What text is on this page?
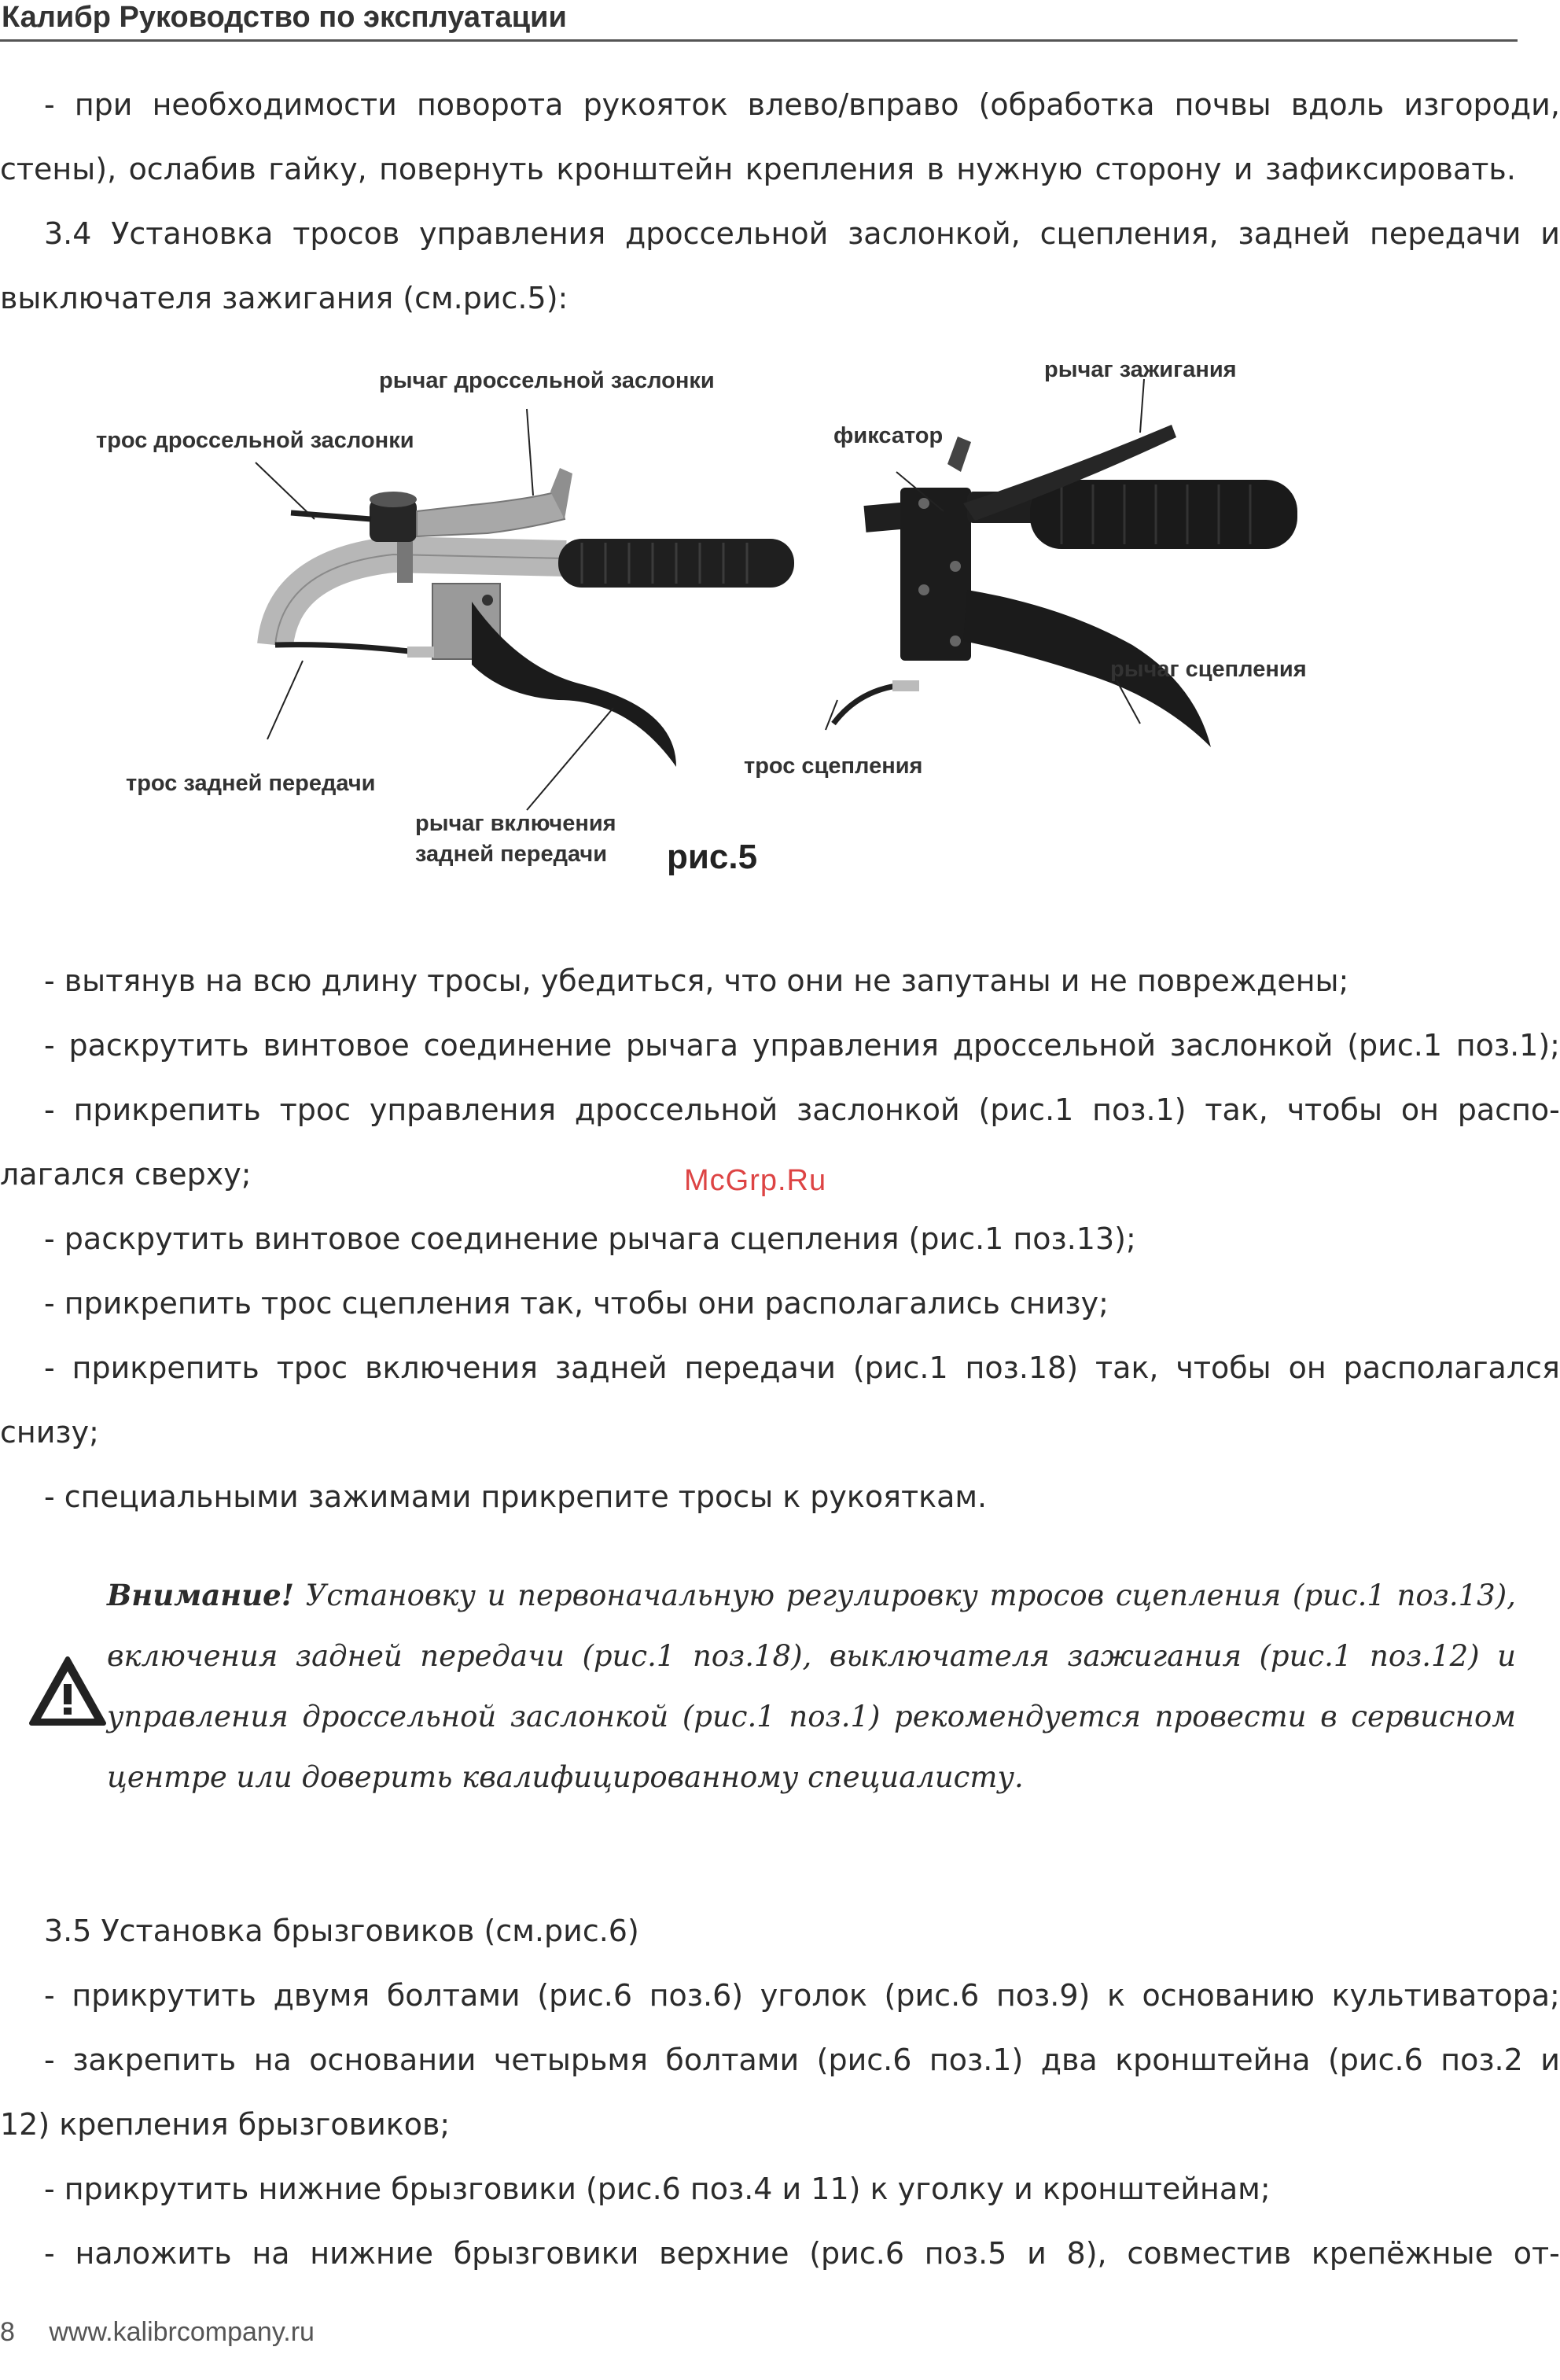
Калибр Руководство по эксплуатации
- при необходимости поворота рукояток влево/вправо (обработка почвы вдоль изгороди,
стены), ослабив гайку, повернуть кронштейн крепления в нужную сторону и зафиксировать.
3.4 Установка тросов управления дроссельной заслонкой, сцепления, задней передачи и
выключателя зажигания (см.рис.5):
рычаг дроссельной заслонки
трос дроссельной заслонки
трос задней передачи
рычаг включения
задней передачи рис.5
рычаг зажигания
фиксатор
рычаг сцепления
трос сцепления
- вытянув на всю длину тросы, убедиться, что они не запутаны и не повреждены;
- раскрутить винтовое соединение рычага управления дроссельной заслонкой (рис.1 поз.1);
- прикрепить трос управления дроссельной заслонкой (рис.1 поз.1) так, чтобы он распо-
лагался сверху;	McGrp.Ru
- раскрутить винтовое соединение рычага сцепления (рис.1 поз.13);
- прикрепить трос сцепления так, чтобы они располагались снизу;
- прикрепить трос включения задней передачи (рис.1 поз.18) так, чтобы он располагался
снизу;
- специальными зажимами прикрепите тросы к рукояткам.
Внимание! Установку и первоначальную регулировку тросов сцепления (рис.1 поз.13),
включения задней передачи (рис.1 поз.18), выключателя зажигания (рис.1 поз.12) и
управления дроссельной заслонкой (рис.1 поз.1) рекомендуется провести в сервисном
центре или доверить квалифицированному специалисту.
3.5 Установка брызговиков (см.рис.6)
- прикрутить двумя болтами (рис.6 поз.6) уголок (рис.6 поз.9) к основанию культиватора;
- закрепить на основании четырьмя болтами (рис.6 поз.1) два кронштейна (рис.6 поз.2 и
12) крепления брызговиков;
- прикрутить нижние брызговики (рис.6 поз.4 и 11) к уголку и кронштейнам;
- наложить на нижние брызговики верхние (рис.6 поз.5 и 8), совместив крепёжные от-
8 www.kalibrcompany.ru
